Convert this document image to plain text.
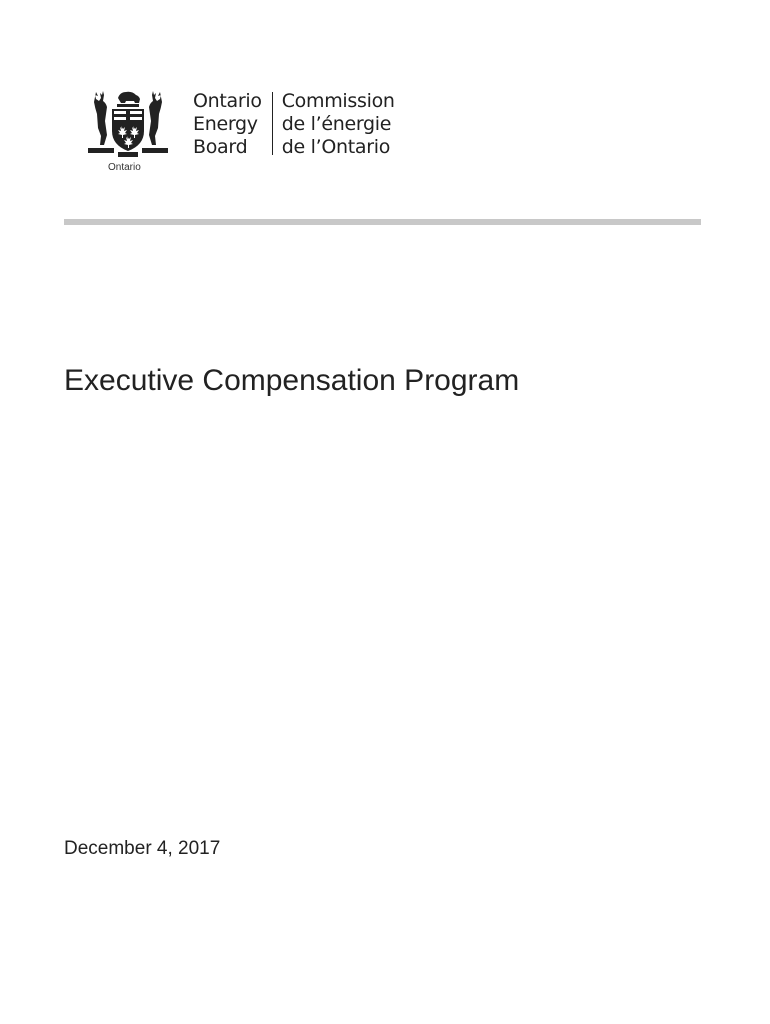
Ontario
Ontario
Energy
Board
Commission
de l’énergie
de l’Ontario
Executive Compensation Program
December 4, 2017
